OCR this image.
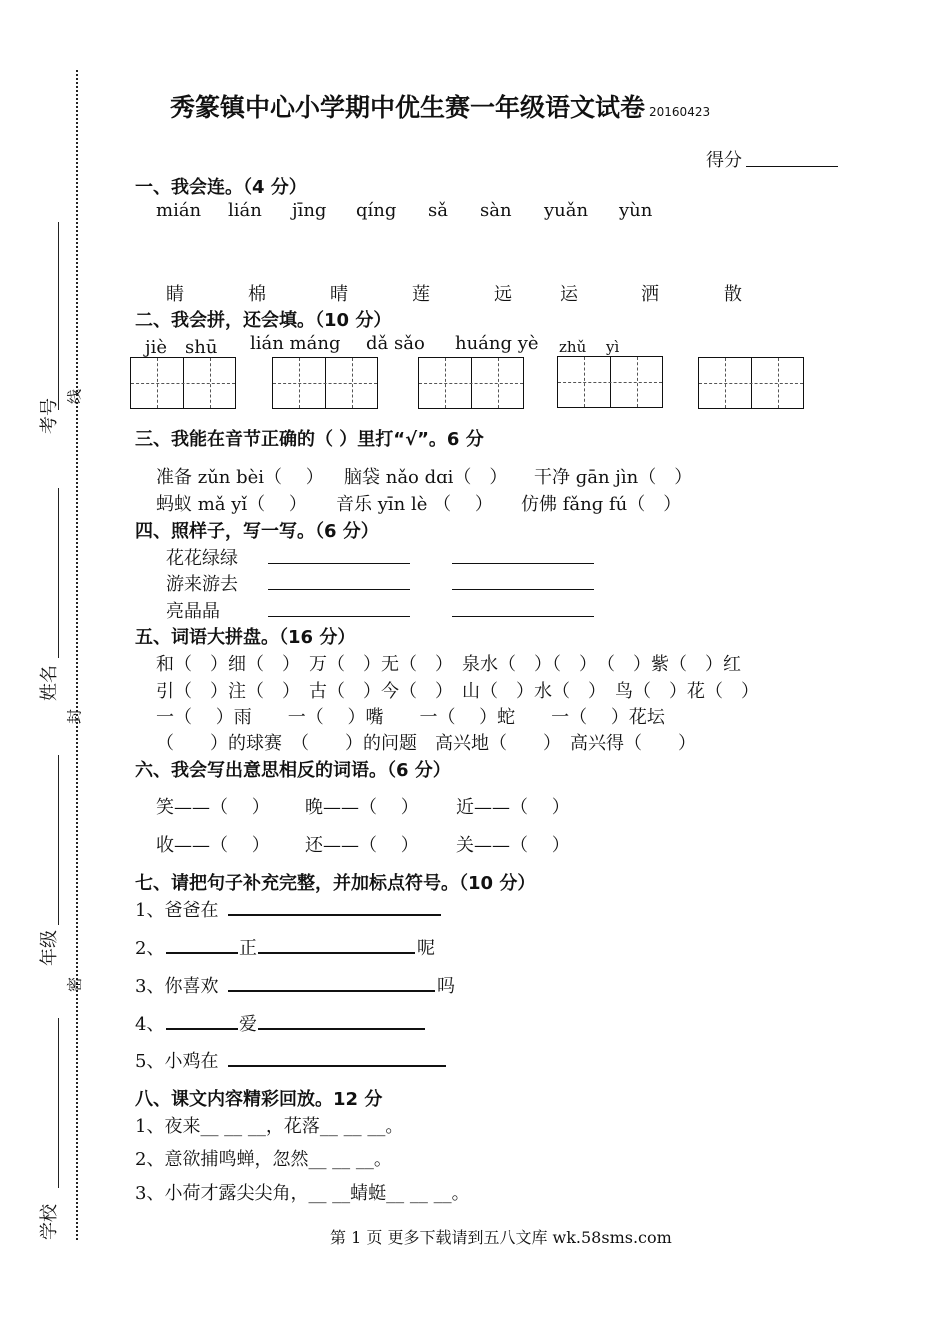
考号
线
姓名
封
年级
密
学校
秀篆镇中心小学期中优生赛一年级语文试卷 20160423
得分
一、我会连。（4 分）
mián lián jīng qíng sǎ sàn yuǎn yùn
睛	棉	晴	莲	远	运	洒	散
二、我会拼，还会填。（10 分）
jiè　shū lián máng dǎ sǎo huáng yè zhǔ　 yì
三、我能在音节正确的（ ）里打“√”。6 分
准备 zǔn bèi（　 ） 脑袋 nǎo dɑi（　） 干净 ɡān jìn（　）
蚂蚁 mǎ yǐ（　 ） 音乐 yīn lè （　 ） 仿佛 fǎnɡ fú（　）
四、照样子，写一写。（6 分）
花花绿绿
游来游去
亮晶晶
五、词语大拼盘。（16 分）
和（　）细（　）　万（　）无（　）　泉水（　）（　）　（　）紫（　）红
引（　）注（　）　古（　）今（　）　山（　）水（　）　鸟（　）花（　）
一（　 ）雨　　一（　 ）嘴　　一（　 ）蛇　　一（　 ）花坛
（　　）的球赛　（　　）的问题　高兴地（　　）　高兴得（　　）
六、我会写出意思相反的词语。（6 分）
笑——（　 ） 晚——（　 ） 近——（　 ）
收——（　 ） 还——（　 ） 关——（　 ）
七、请把句子补充完整，并加标点符号。（10 分）
1、爸爸在
2、	正	呢
3、你喜欢	吗
4、	爱
5、小鸡在
八、课文内容精彩回放。12 分
1、夜来__ __ __，花落__ __ __。
2、意欲捕鸣蝉，忽然__ __ __。
3、小荷才露尖尖角，__ __蜻蜓__ __ __。
第 1 页 更多下载请到五八文库 wk.58sms.com
